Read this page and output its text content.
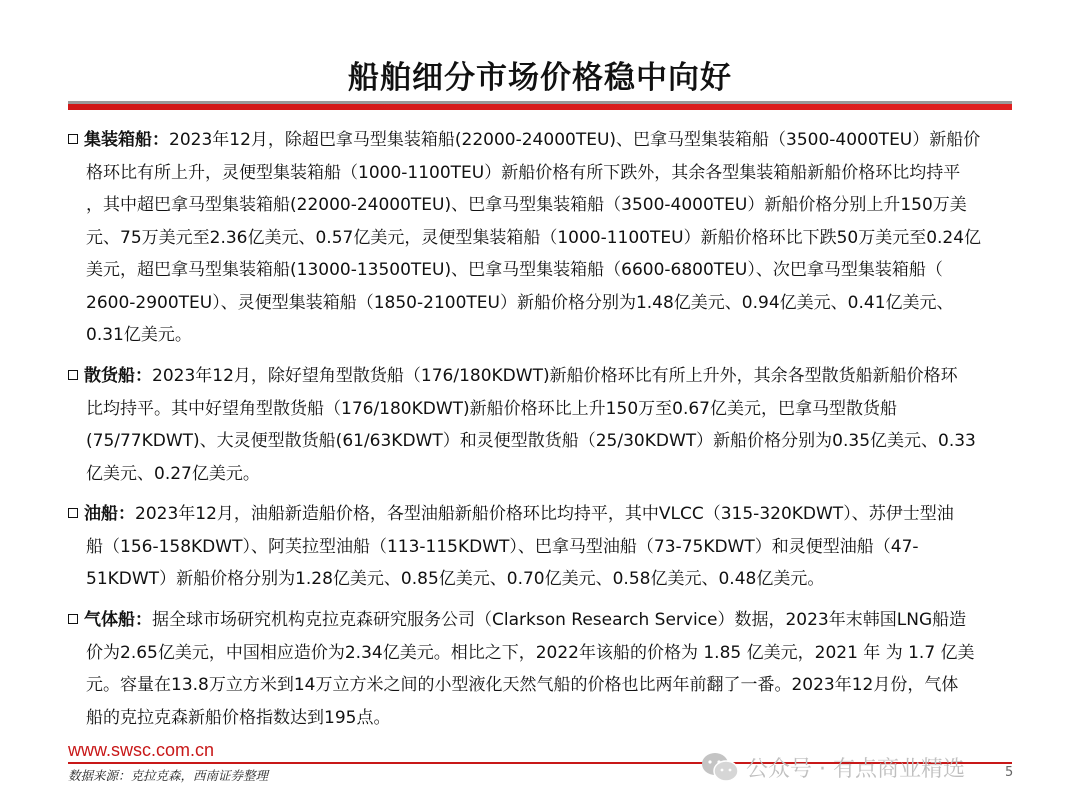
船舶细分市场价格稳中向好
集装箱船：2023年12月，除超巴拿马型集装箱船(22000-24000TEU)、巴拿马型集装箱船（3500-4000TEU）新船价
格环比有所上升，灵便型集装箱船（1000-1100TEU）新船价格有所下跌外，其余各型集装箱船新船价格环比均持平
，其中超巴拿马型集装箱船(22000-24000TEU)、巴拿马型集装箱船（3500-4000TEU）新船价格分别上升150万美
元、75万美元至2.36亿美元、0.57亿美元，灵便型集装箱船（1000-1100TEU）新船价格环比下跌50万美元至0.24亿
美元，超巴拿马型集装箱船(13000-13500TEU)、巴拿马型集装箱船（6600-6800TEU）、次巴拿马型集装箱船（
2600-2900TEU）、灵便型集装箱船（1850-2100TEU）新船价格分别为1.48亿美元、0.94亿美元、0.41亿美元、
0.31亿美元。
散货船：2023年12月，除好望角型散货船（176/180KDWT)新船价格环比有所上升外，其余各型散货船新船价格环
比均持平。其中好望角型散货船（176/180KDWT)新船价格环比上升150万至0.67亿美元，巴拿马型散货船
(75/77KDWT)、大灵便型散货船(61/63KDWT）和灵便型散货船（25/30KDWT）新船价格分别为0.35亿美元、0.33
亿美元、0.27亿美元。
油船：2023年12月，油船新造船价格，各型油船新船价格环比均持平，其中VLCC（315-320KDWT）、苏伊士型油
船（156-158KDWT）、阿芙拉型油船（113-115KDWT）、巴拿马型油船（73-75KDWT）和灵便型油船（47-
51KDWT）新船价格分别为1.28亿美元、0.85亿美元、0.70亿美元、0.58亿美元、0.48亿美元。
气体船：据全球市场研究机构克拉克森研究服务公司（Clarkson Research Service）数据，2023年末韩国LNG船造
价为2.65亿美元，中国相应造价为2.34亿美元。相比之下，2022年该船的价格为 1.85 亿美元，2021 年 为 1.7 亿美
元。容量在13.8万立方米到14万立方米之间的小型液化天然气船的价格也比两年前翻了一番。2023年12月份，气体
船的克拉克森新船价格指数达到195点。
www.swsc.com.cn
数据来源：克拉克森，西南证券整理	公众号 · 有点商业精选	5
